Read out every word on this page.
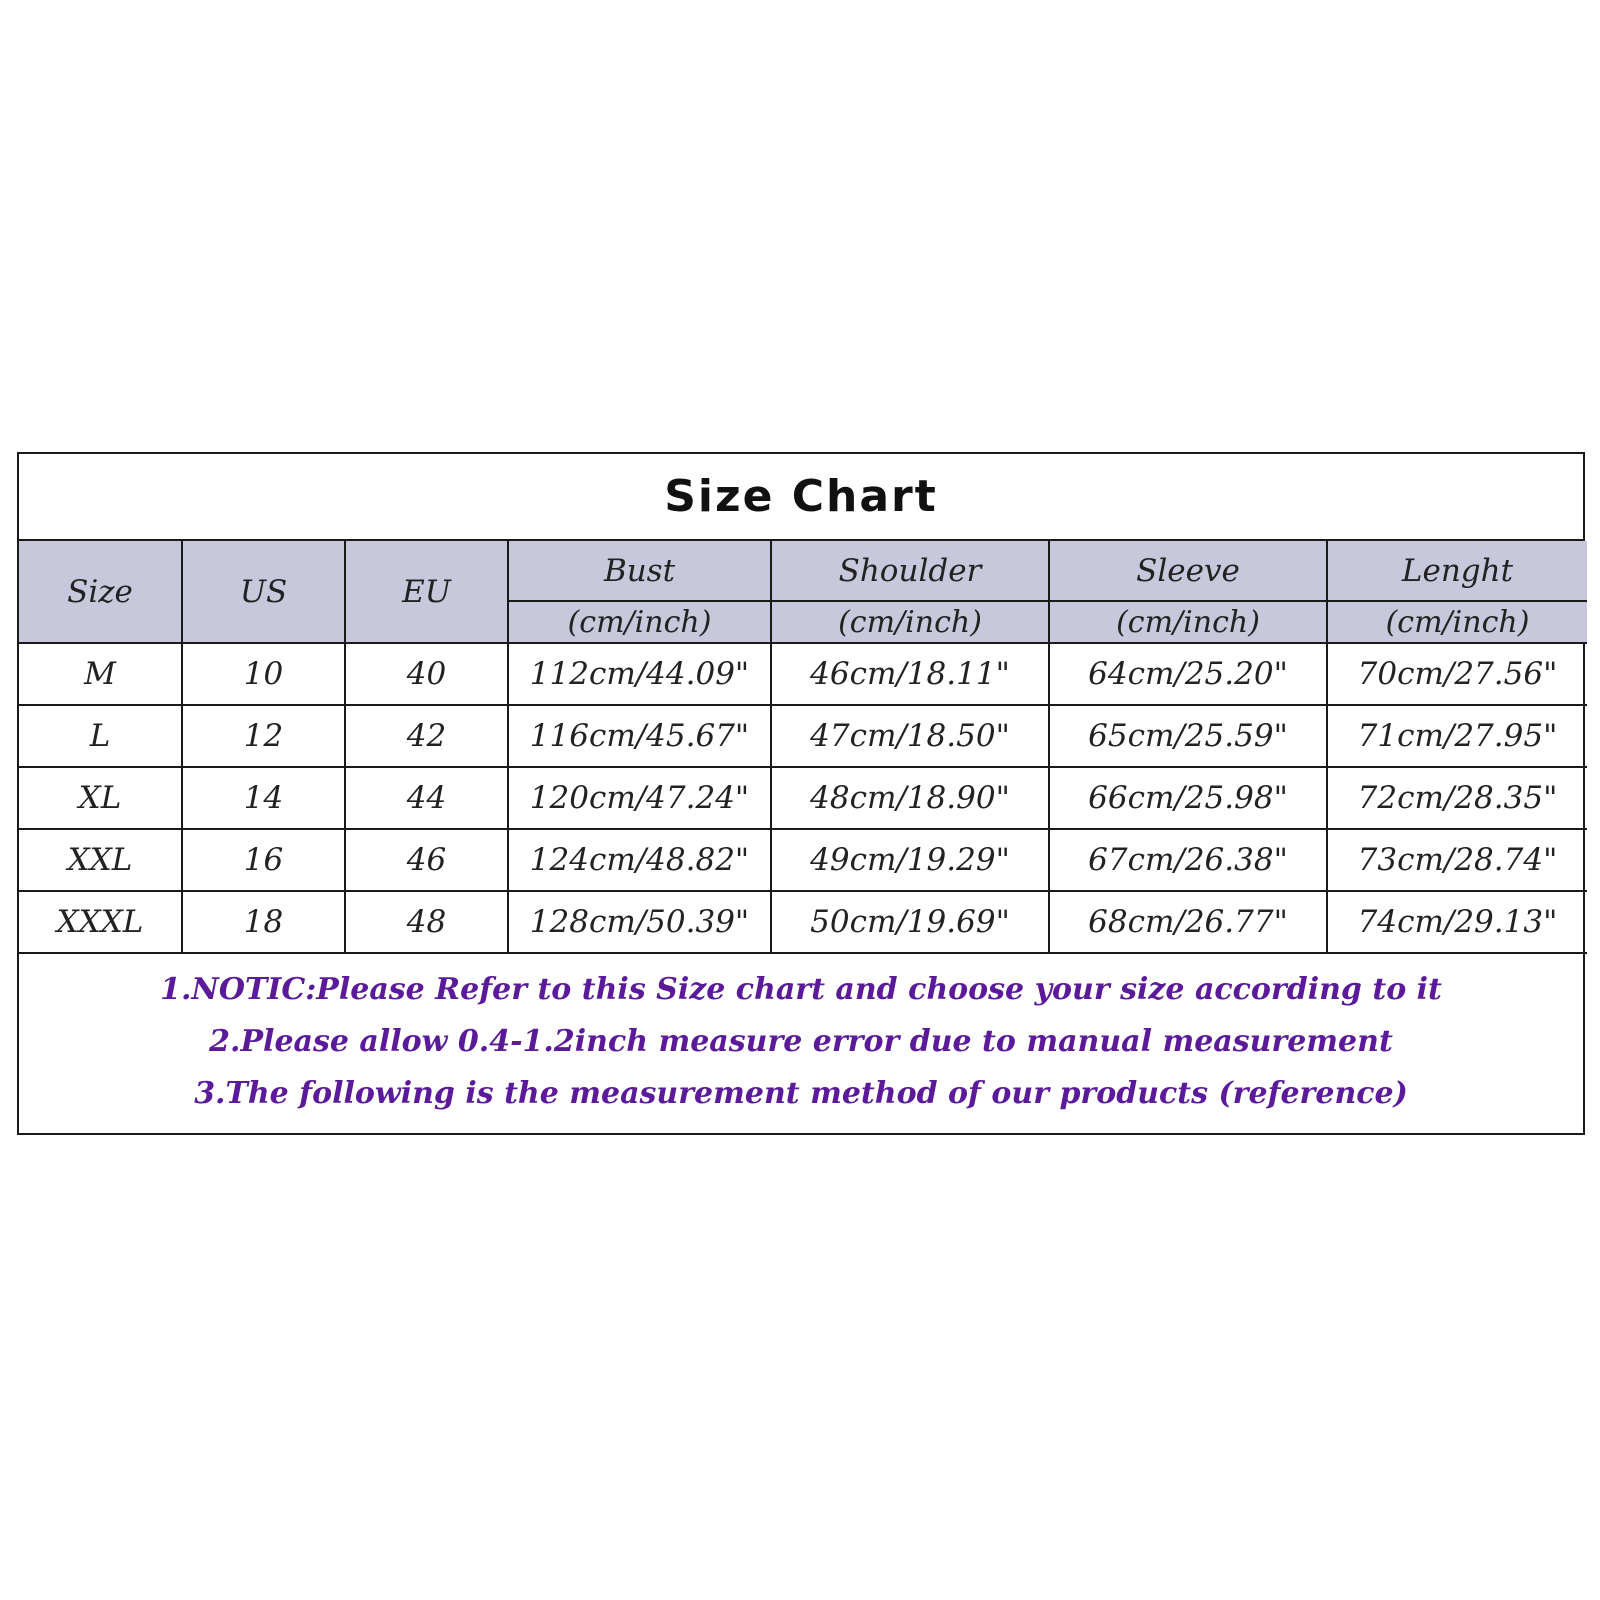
Size Chart
Size	US	EU	Bust	Shoulder	Sleeve	Lenght
			(cm/inch)	(cm/inch)	(cm/inch)	(cm/inch)
M	10	40	112cm/44.09"	46cm/18.11"	64cm/25.20"	70cm/27.56"
L	12	42	116cm/45.67"	47cm/18.50"	65cm/25.59"	71cm/27.95"
XL	14	44	120cm/47.24"	48cm/18.90"	66cm/25.98"	72cm/28.35"
XXL	16	46	124cm/48.82"	49cm/19.29"	67cm/26.38"	73cm/28.74"
XXXL	18	48	128cm/50.39"	50cm/19.69"	68cm/26.77"	74cm/29.13"
1.NOTIC:Please Refer to this Size chart and choose your size according to it
2.Please allow 0.4-1.2inch measure error due to manual measurement
3.The following is the measurement method of our products (reference)
